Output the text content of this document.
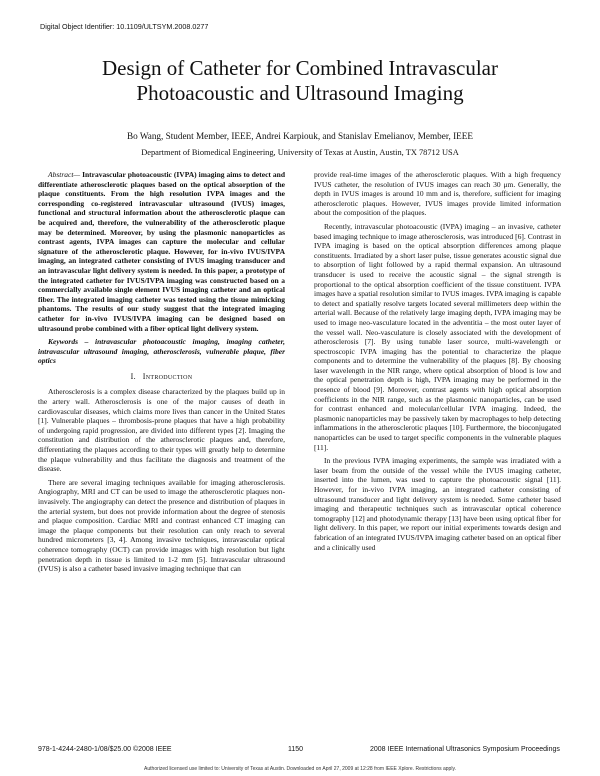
Digital Object Identifier: 10.1109/ULTSYM.2008.0277
Design of Catheter for Combined Intravascular
Photoacoustic and Ultrasound Imaging
Bo Wang, Student Member, IEEE, Andrei Karpiouk, and Stanislav Emelianov, Member, IEEE
Department of Biomedical Engineering, University of Texas at Austin, Austin, TX 78712 USA

Abstract— Intravascular photoacoustic (IVPA) imaging aims to detect and differentiate atherosclerotic plaques based on the optical absorption of the plaque constituents. From the high resolution IVPA images and the corresponding co-registered intravascular ultrasound (IVUS) images, functional and structural information about the atherosclerotic plaque can be acquired and, therefore, the vulnerability of the atherosclerotic plaque may be determined. Moreover, by using the plasmonic nanoparticles as contrast agents, IVPA images can capture the molecular and cellular signature of the atherosclerotic plaque. However, for in-vivo IVUS/IVPA imaging, an integrated catheter consisting of IVUS imaging transducer and an intravascular light delivery system is needed. In this paper, a prototype of the integrated catheter for IVUS/IVPA imaging was constructed based on a commercially available single element IVUS imaging catheter and an optical fiber. The integrated imaging catheter was tested using the tissue mimicking phantoms. The results of our study suggest that the integrated imaging catheter for in-vivo IVUS/IVPA imaging can be designed based on ultrasound probe combined with a fiber optical light delivery system.

Keywords – intravascular photoacoustic imaging, imaging catheter, intravascular ultrasound imaging, atherosclerosis, vulnerable plaque, fiber optics

I. Introduction

Atherosclerosis is a complex disease characterized by the plaques build up in the artery wall. Atherosclerosis is one of the major causes of death in cardiovascular diseases, which claims more lives than cancer in the United States [1]. Vulnerable plaques – thrombosis-prone plaques that have a high probability of undergoing rapid progression, are divided into different types [2]. Imaging the constitution and distribution of the atherosclerotic plaques and, therefore, differentiating the plaques according to their types will greatly help to determine the plaque vulnerability and thus facilitate the diagnosis and treatment of the disease.

There are several imaging techniques available for imaging atherosclerosis. Angiography, MRI and CT can be used to image the atherosclerotic plaques non-invasively. The angiography can detect the presence and distribution of plaques in the arterial system, but does not provide information about the degree of stenosis and plaque composition. Cardiac MRI and contrast enhanced CT imaging can image the plaque components but their resolution can only reach to several hundred micrometers [3, 4]. Among invasive techniques, intravascular optical coherence tomography (OCT) can provide images with high resolution but light penetration depth in tissue is limited to 1-2 mm [5]. Intravascular ultrasound (IVUS) is also a catheter based invasive imaging technique that can

provide real-time images of the atherosclerotic plaques. With a high frequency IVUS catheter, the resolution of IVUS images can reach 30 μm. Generally, the depth in IVUS images is around 10 mm and is, therefore, sufficient for imaging atherosclerotic plaques. However, IVUS images provide limited information about the composition of the plaques.

Recently, intravascular photoacoustic (IVPA) imaging – an invasive, catheter based imaging technique to image atherosclerosis, was introduced [6]. Contrast in IVPA imaging is based on the optical absorption differences among plaque constituents. Irradiated by a short laser pulse, tissue generates acoustic signal due to absorption of light followed by a rapid thermal expansion. An ultrasound transducer is used to receive the acoustic signal – the signal strength is proportional to the optical absorption coefficient of the tissue constituent. IVPA images have a spatial resolution similar to IVUS images. IVPA imaging is capable to detect and spatially resolve targets located several millimeters deep within the arterial wall. Because of the relatively large imaging depth, IVPA imaging may be used to image neo-vasculature located in the adventitia – the most outer layer of the vessel wall. Neo-vasculature is closely associated with the development of atherosclerosis [7]. By using tunable laser source, multi-wavelength or spectroscopic IVPA imaging has the potential to characterize the plaque components and to determine the vulnerability of the plaques [8]. By choosing laser wavelength in the NIR range, where optical absorption of blood is low and the optical penetration depth is high, IVPA imaging may be performed in the presence of blood [9]. Moreover, contrast agents with high optical absorption coefficients in the NIR range, such as the plasmonic nanoparticles, can be used for contrast enhanced and molecular/cellular IVPA imaging. Indeed, the plasmonic nanoparticles may be passively taken by macrophages to help detecting inflammations in the atherosclerotic plaques [10]. Furthermore, the bioconjugated nanoparticles can be used to target specific components in the vulnerable plaques [11].

In the previous IVPA imaging experiments, the sample was irradiated with a laser beam from the outside of the vessel while the IVUS imaging catheter, inserted into the lumen, was used to capture the photoacoustic signal [11]. However, for in-vivo IVPA imaging, an integrated catheter consisting of ultrasound transducer and light delivery system is needed. Some catheter based imaging and therapeutic techniques such as intravascular optical coherence tomography [12] and photodynamic therapy [13] have been using optical fiber for light delivery. In this paper, we report our initial experiments towards design and fabrication of an integrated IVUS/IVPA imaging catheter based on an optical fiber and a clinically used

978-1-4244-2480-1/08/$25.00 ©2008 IEEE	1150	2008 IEEE International Ultrasonics Symposium Proceedings
Authorized licensed use limited to: University of Texas at Austin. Downloaded on April 27, 2009 at 12:28 from IEEE Xplore. Restrictions apply.
